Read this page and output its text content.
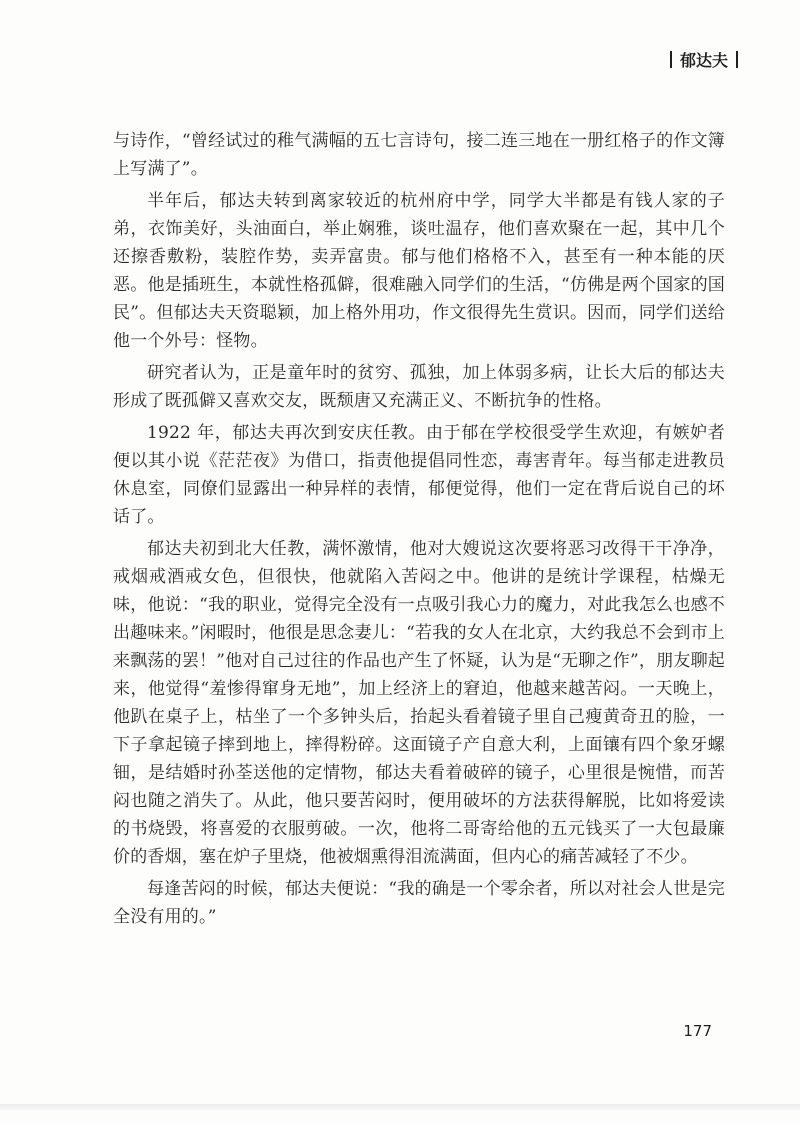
郁达夫

与诗作，“曾经试过的稚气满幅的五七言诗句，接二连三地在一册红格子的作文簿上写满了”。

半年后，郁达夫转到离家较近的杭州府中学，同学大半都是有钱人家的子弟，衣饰美好，头油面白，举止娴雅，谈吐温存，他们喜欢聚在一起，其中几个还擦香敷粉，装腔作势，卖弄富贵。郁与他们格格不入，甚至有一种本能的厌恶。他是插班生，本就性格孤僻，很难融入同学们的生活，“仿佛是两个国家的国民”。但郁达夫天资聪颖，加上格外用功，作文很得先生赏识。因而，同学们送给他一个外号：怪物。

研究者认为，正是童年时的贫穷、孤独，加上体弱多病，让长大后的郁达夫形成了既孤僻又喜欢交友，既颓唐又充满正义、不断抗争的性格。

1922 年，郁达夫再次到安庆任教。由于郁在学校很受学生欢迎，有嫉妒者便以其小说《茫茫夜》为借口，指责他提倡同性恋，毒害青年。每当郁走进教员休息室，同僚们显露出一种异样的表情，郁便觉得，他们一定在背后说自己的坏话了。

郁达夫初到北大任教，满怀激情，他对大嫂说这次要将恶习改得干干净净，戒烟戒酒戒女色，但很快，他就陷入苦闷之中。他讲的是统计学课程，枯燥无味，他说：“我的职业，觉得完全没有一点吸引我心力的魔力，对此我怎么也感不出趣味来。”闲暇时，他很是思念妻儿：“若我的女人在北京，大约我总不会到市上来飘荡的罢！”他对自己过往的作品也产生了怀疑，认为是“无聊之作”，朋友聊起来，他觉得“羞惨得窜身无地”，加上经济上的窘迫，他越来越苦闷。一天晚上，他趴在桌子上，枯坐了一个多钟头后，抬起头看着镜子里自己瘦黄奇丑的脸，一下子拿起镜子摔到地上，摔得粉碎。这面镜子产自意大利，上面镶有四个象牙螺钿，是结婚时孙荃送他的定情物，郁达夫看着破碎的镜子，心里很是惋惜，而苦闷也随之消失了。从此，他只要苦闷时，便用破坏的方法获得解脱，比如将爱读的书烧毁，将喜爱的衣服剪破。一次，他将二哥寄给他的五元钱买了一大包最廉价的香烟，塞在炉子里烧，他被烟熏得泪流满面，但内心的痛苦减轻了不少。

每逢苦闷的时候，郁达夫便说：“我的确是一个零余者，所以对社会人世是完全没有用的。”

177
